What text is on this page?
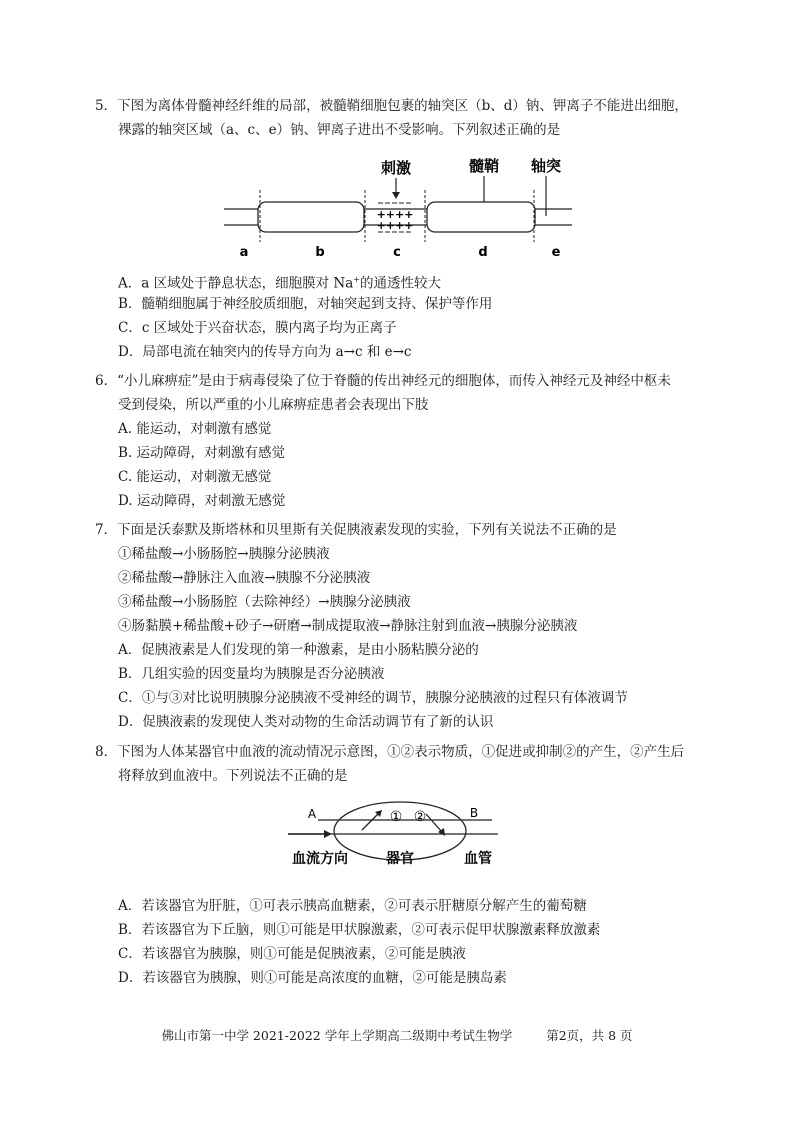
5．下图为离体骨髓神经纤维的局部，被髓鞘细胞包裹的轴突区（b、d）钠、钾离子不能进出细胞，
裸露的轴突区域（a、c、e）钠、钾离子进出不受影响。下列叙述正确的是
++++
++++
刺激	髓鞘 轴突
a	b	c	d	e
A．a 区域处于静息状态，细胞膜对 Na+的通透性较大
B．髓鞘细胞属于神经胶质细胞，对轴突起到支持、保护等作用
C．c 区域处于兴奋状态，膜内离子均为正离子
D．局部电流在轴突内的传导方向为 a→c 和 e→c
6．“小儿麻痹症”是由于病毒侵染了位于脊髓的传出神经元的细胞体，而传入神经元及神经中枢未
受到侵染，所以严重的小儿麻痹症患者会表现出下肢
A. 能运动，对刺激有感觉
B. 运动障碍，对刺激有感觉
C. 能运动，对刺激无感觉
D. 运动障碍，对刺激无感觉
7．下面是沃泰默及斯塔林和贝里斯有关促胰液素发现的实验，下列有关说法不正确的是
①稀盐酸→小肠肠腔→胰腺分泌胰液
②稀盐酸→静脉注入血液→胰腺不分泌胰液
③稀盐酸→小肠肠腔（去除神经）→胰腺分泌胰液
④肠黏膜+稀盐酸+砂子→研磨→制成提取液→静脉注射到血液→胰腺分泌胰液
A．促胰液素是人们发现的第一种激素，是由小肠粘膜分泌的
B．几组实验的因变量均为胰腺是否分泌胰液
C．①与③对比说明胰腺分泌胰液不受神经的调节，胰腺分泌胰液的过程只有体液调节
D．促胰液素的发现使人类对动物的生命活动调节有了新的认识
8．下图为人体某器官中血液的流动情况示意图，①②表示物质，①促进或抑制②的产生，②产生后
将释放到血液中。下列说法不正确的是
A	B
① ②
血流方向	器官	血管
A．若该器官为肝脏，①可表示胰高血糖素，②可表示肝糖原分解产生的葡萄糖
B．若该器官为下丘脑，则①可能是甲状腺激素，②可表示促甲状腺激素释放激素
C．若该器官为胰腺，则①可能是促胰液素，②可能是胰液
D．若该器官为胰腺，则①可能是高浓度的血糖，②可能是胰岛素
佛山市第一中学 2021-2022 学年上学期高二级期中考试生物学	第2页，共 8 页
